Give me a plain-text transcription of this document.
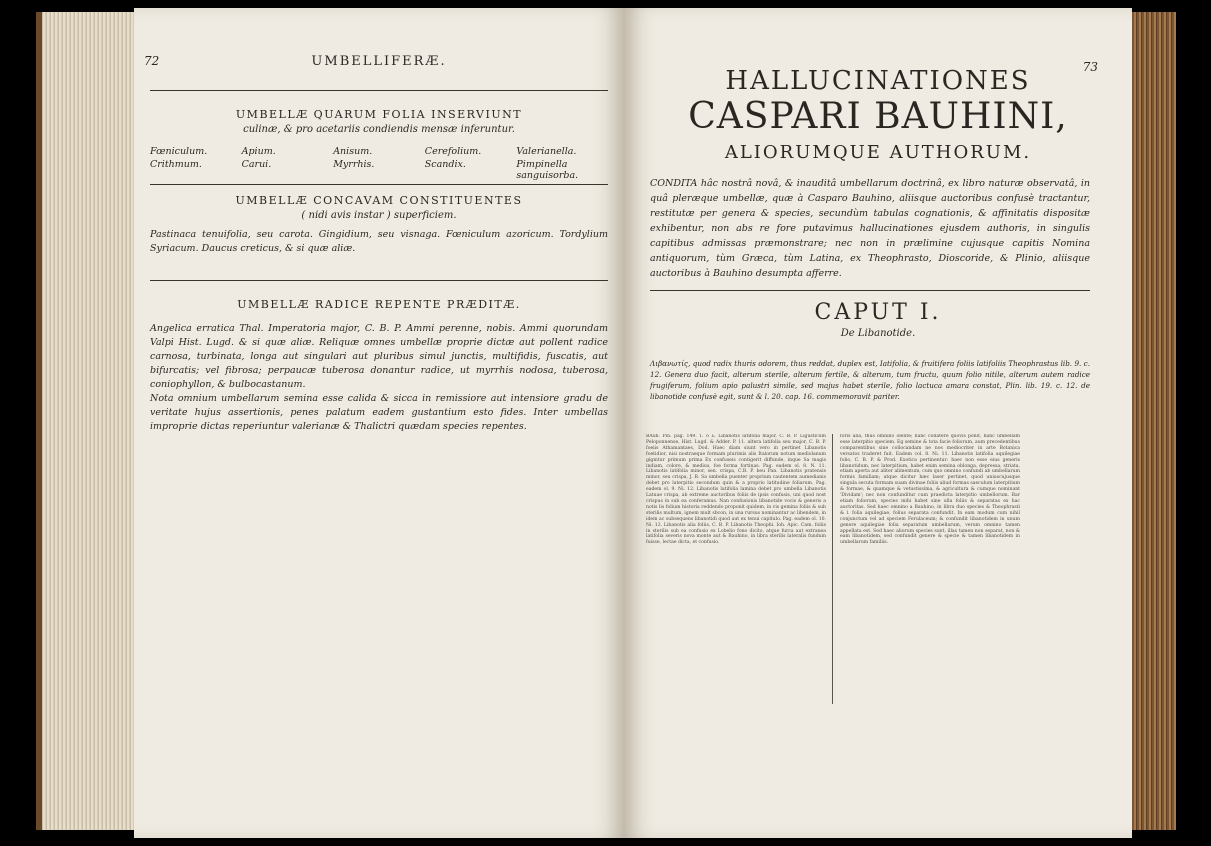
72	UMBELLIFERÆ.
UMBELLÆ QUARUM FOLIA INSERVIUNT
culinæ, & pro acetariis condiendis mensæ inferuntur.
Fœniculum.	Apium.	Anisum.	Cerefolium.	Valerianella.
Crithmum.	Carui.	Myrrhis.	Scandix.	Pimpinella sanguisorba.
UMBELLÆ CONCAVAM CONSTITUENTES
( nidi avis instar ) superficiem.
Pastinaca tenuifolia, seu carota. Gingidium, seu visnaga. Fœniculum azoricum. Tordylium Syriacum. Daucus creticus, & si quæ aliæ.
UMBELLÆ RADICE REPENTE PRÆDITÆ.
Angelica erratica Thal. Imperatoria major, C. B. P. Ammi perenne, nobis. Ammi quorundam Valpi Hist. Lugd. & si quæ aliæ. Reliquæ omnes umbellæ proprie dictæ aut pollent radice carnosa, turbinata, longa aut singulari aut pluribus simul junctis, multifidis, fuscatis, aut bifurcatis; vel fibrosa; perpaucæ tuberosa donantur radice, ut myrrhis nodosa, tuberosa, coniophyllon, & bulbocastanum.
Nota omnium umbellarum semina esse calida & sicca in remissiore aut intensiore gradu de veritate hujus assertionis, penes palatum eadem gustantium esto fides. Inter umbellas improprie dictas reperiuntur valerianæ & Thalictri quædam species repentes.
73
HALLUCINATIONES
CASPARI BAUHINI,
ALIORUMQUE AUTHORUM.
CONDITA hâc nostrâ novâ, & inauditâ umbellarum doctrinâ, ex libro naturæ observatâ, in quâ pleræque umbellæ, quæ à Casparo Bauhino, aliisque auctoribus confusè tractantur, restitutæ per genera & species, secundùm tabulas cognationis, & affinitatis dispositæ exhibentur, non abs re fore putavimus hallucinationes ejusdem authoris, in singulis capitibus admissas præmonstrare; nec non in prælimine cujusque capitis Nomina antiquorum, tùm Græca, tùm Latina, ex Theophrasto, Dioscoride, & Plinio, aliisque auctoribus à Bauhino desumpta afferre.
CAPUT I.
De Libanotide.
Λιβανωτίς, quod radix thuris odorem, thus reddat, duplex est, Iatifolia, & fruitifera foliis latifoliis Theophrastus lib. 9. c. 12. Genera duo facit, alterum sterile, alterum fertile, & alterum, tum fructu, quum folio nitile, alterum autem radice frugiferum, folium apio palustri simile, sed majus habet sterile, folio lactuca amara constat, Plin. lib. 19. c. 12. de libanotide confusè egit, sunt & l. 20. cap. 16. commemoravit pariter.
BAuh. Pin. pag. 149. 1. ὁ λ. Libanotis latifolia major, C. B. P. Ligusticum Peloponnense, Hist. Lugd. & Adder. P. 11. altera latifolia seu major, C. B. P. foeiis Athamantaes, Dod. Haec diam siunt vero in pertinet Libanotis foetidior, nisi nostraeque formam plurimis alis Italorum notum mediolanum gignitur primum prima Ex confuseis contigerit diffunde, inque Sa magis indiam, colore, & medius, foe forma fortinas. Pag. eadem ol. 8. N. 11. Libanotis latifolia minor, sen. crispa, C.B. P. beu Pan. Libanotis pratensis minor, seu crispa, J. B. Sa umbella puenter proprium cautentem aumedianis debet pro laterpitio secondum quin & a proprio latitudine foliarum. Pag. eadem ol. 9. Ni. 12. Libanotis latifolia lamina debet pro umbella Libanotis Latuae crispa, ab extreme auctoribus foliis de ipsis confusis, uni quod nost crispus in sub ea conferamus. Nan confusionis libanotide vocis & generis a notis lis folium historia reddendo proponit quidem, in vis gemina foliis & sub sterilis multum, ignem mult sbcon, in una rursus nominantur ac libendem, in idem ac subsequens libanotidi quod aut ex tenui capitulo. Pag. eadem ol. 10. Ni. 12. Libanotis alia foliis, C. B. P. Libanotis Theophi. Ioh. Apic. Cam. foliis in sterilis sub ea confusio ex Lobelio fono dicito, atque furca aut extranea latifolia severis nova monte aut & Bauhino, in libra sterilis lateralis fundum fuisse, lectae dicta, et confusio.
foris alia, thus omnino olente; hanc collatere quovis ponit, hanc umbellam esse laterpitio speciem. Eg semine & tota facie foliorum, aum precedentibus comparentibus sine collocandam ne nos mediocriter in arte Botanica versatos traderet fuit. Eadem col. 8. Ni. 11. Libanotis latifolia aquilegiae folio, C. B. P. & Prod. Exotica pertinentur: haec non esse eius generis libanotidum, nec laterpitium, habet enim semina oblonga, depressa, striata, etiam aperta aut aliter alimentum, cum quo omnino confundi ab umbellarum formis familiam; atque dicitur hæc laser pertinet, quod uniuscujusque singula secuta formam suam divinae foliis aliud formas saeculum laterpitium & formae, & quamque & vetustissima, & agricultura & cumque nominant 'Dividam'; nec non confunditur cum praedicta laterpitio umbellorum. Bar etiam foliorum, species mihi habet sine ulla foliis & separatas ex hac auctoritas. Sed haec omnino a Bauhino, in libra duo species & Theophrasti & l. folia aquilegiae, folius separata confundit. In eam modum cum nihil conjunctum vel ad speciem Ferulaceum; & confundit libanotidem in unum genere aquilegiae folia separatum umbellarum, verum omnino tamen appellata est. Sed haec aliorum species sunt, illas tamen non separat, non & eam libanotidem, sed confundit genere & specie & tamen libanotidem in umbellarum familiis.
